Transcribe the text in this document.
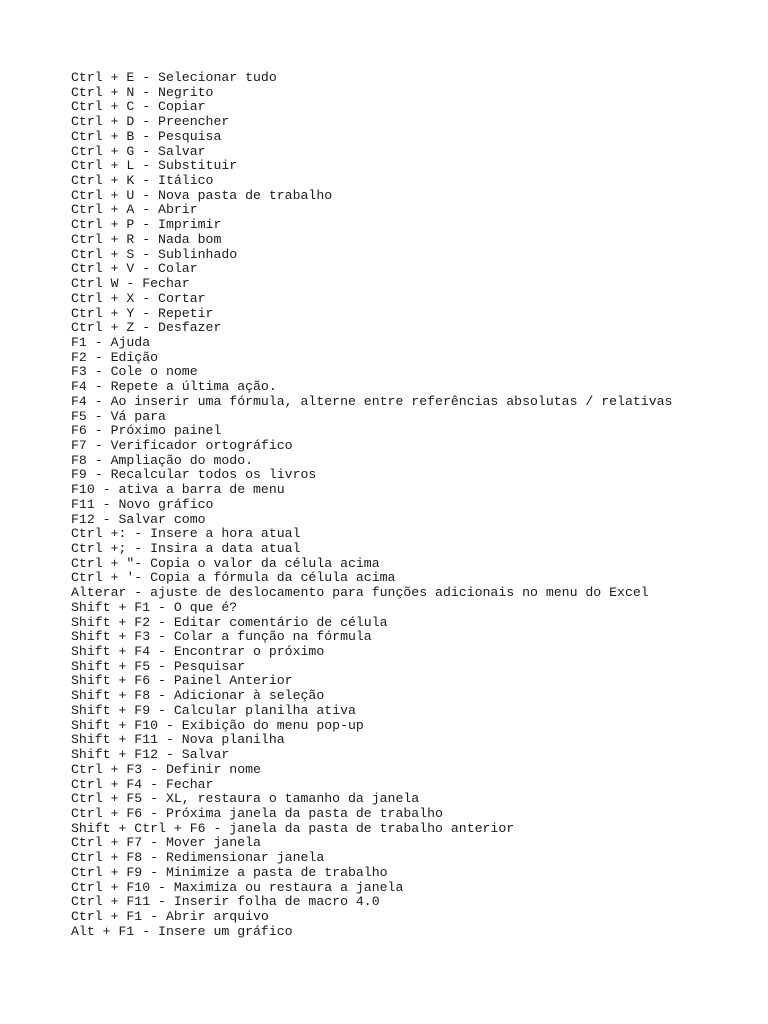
Ctrl + E - Selecionar tudo

Ctrl + N - Negrito

Ctrl + C - Copiar

Ctrl + D - Preencher

Ctrl + B - Pesquisa

Ctrl + G - Salvar

Ctrl + L - Substituir

Ctrl + K - Itálico

Ctrl + U - Nova pasta de trabalho

Ctrl + A - Abrir

Ctrl + P - Imprimir

Ctrl + R - Nada bom

Ctrl + S - Sublinhado

Ctrl + V - Colar

Ctrl W - Fechar

Ctrl + X - Cortar

Ctrl + Y - Repetir

Ctrl + Z - Desfazer

F1 - Ajuda

F2 - Edição

F3 - Cole o nome

F4 - Repete a última ação.

F4 - Ao inserir uma fórmula, alterne entre referências absolutas / relativas

F5 - Vá para

F6 - Próximo painel

F7 - Verificador ortográfico

F8 - Ampliação do modo.

F9 - Recalcular todos os livros

F10 - ativa a barra de menu

F11 - Novo gráfico

F12 - Salvar como

Ctrl +: - Insere a hora atual

Ctrl +; - Insira a data atual

Ctrl + "- Copia o valor da célula acima

Ctrl + '- Copia a fórmula da célula acima

Alterar - ajuste de deslocamento para funções adicionais no menu do Excel

Shift + F1 - O que é?

Shift + F2 - Editar comentário de célula

Shift + F3 - Colar a função na fórmula

Shift + F4 - Encontrar o próximo

Shift + F5 - Pesquisar

Shift + F6 - Painel Anterior

Shift + F8 - Adicionar à seleção

Shift + F9 - Calcular planilha ativa

Shift + F10 - Exibição do menu pop-up

Shift + F11 - Nova planilha

Shift + F12 - Salvar

Ctrl + F3 - Definir nome

Ctrl + F4 - Fechar

Ctrl + F5 - XL, restaura o tamanho da janela

Ctrl + F6 - Próxima janela da pasta de trabalho

Shift + Ctrl + F6 - janela da pasta de trabalho anterior

Ctrl + F7 - Mover janela

Ctrl + F8 - Redimensionar janela

Ctrl + F9 - Minimize a pasta de trabalho

Ctrl + F10 - Maximiza ou restaura a janela

Ctrl + F11 - Inserir folha de macro 4.0

Ctrl + F1 - Abrir arquivo

Alt + F1 - Insere um gráfico
